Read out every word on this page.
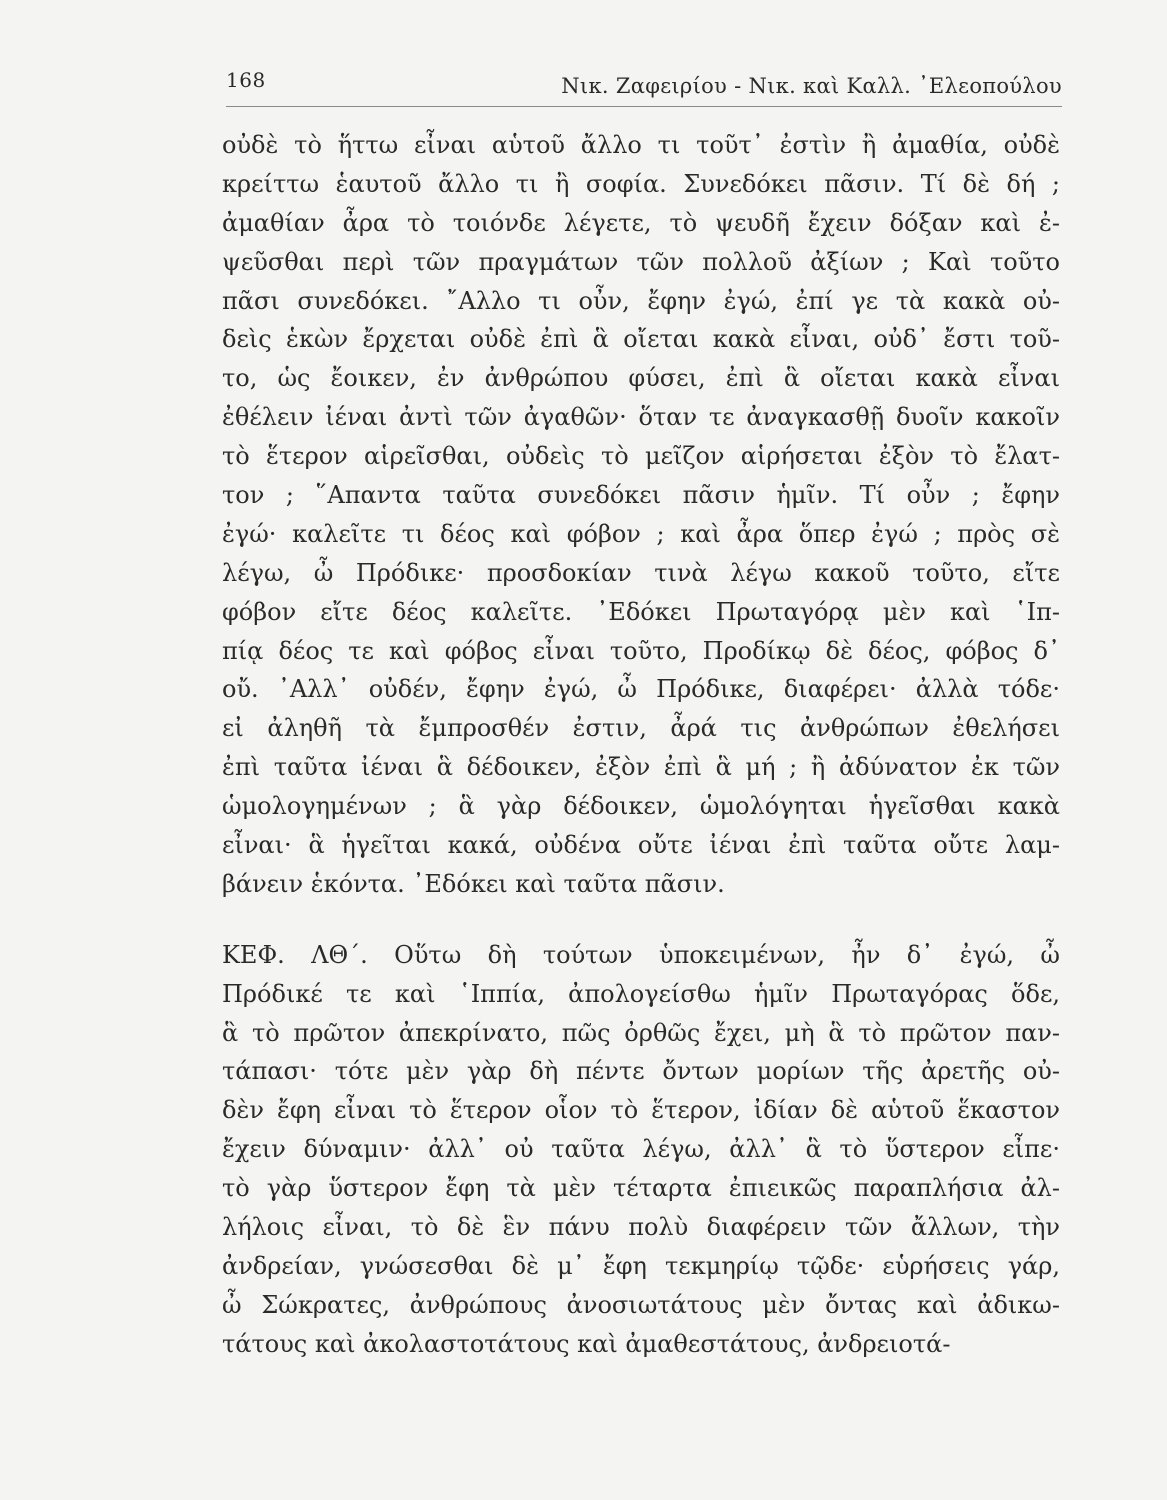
168	Νικ. Ζαφειρίου - Νικ. καὶ Καλλ. ᾿Ελεοπούλου
οὐδὲ τὸ ἥττω εἶναι αὑτοῦ ἄλλο τι τοῦτ᾿ ἐστὶν ἢ ἀμαθία, οὐδὲ
κρείττω ἑαυτοῦ ἄλλο τι ἢ σοφία. Συνεδόκει πᾶσιν. Τί δὲ δή ;
ἀμαθίαν ἆρα τὸ τοιόνδε λέγετε, τὸ ψευδῆ ἔχειν δόξαν καὶ ἐ-
ψεῦσθαι περὶ τῶν πραγμάτων τῶν πολλοῦ ἀξίων ; Καὶ τοῦτο
πᾶσι συνεδόκει. ῎Αλλο τι οὖν, ἔφην ἐγώ, ἐπί γε τὰ κακὰ οὐ-
δεὶς ἑκὼν ἔρχεται οὐδὲ ἐπὶ ἃ οἴεται κακὰ εἶναι, οὐδ᾿ ἔστι τοῦ-
το, ὡς ἔοικεν, ἐν ἀνθρώπου φύσει, ἐπὶ ἃ οἴεται κακὰ εἶναι
ἐθέλειν ἰέναι ἀντὶ τῶν ἀγαθῶν· ὅταν τε ἀναγκασθῇ δυοῖν κακοῖν
τὸ ἕτερον αἱρεῖσθαι, οὐδεὶς τὸ μεῖζον αἱρήσεται ἐξὸν τὸ ἔλατ-
τον ; ῞Απαντα ταῦτα συνεδόκει πᾶσιν ἡμῖν. Τί οὖν ; ἔφην
ἐγώ· καλεῖτε τι δέος καὶ φόβον ; καὶ ἆρα ὅπερ ἐγώ ; πρὸς σὲ
λέγω, ὦ Πρόδικε· προσδοκίαν τινὰ λέγω κακοῦ τοῦτο, εἴτε
φόβον εἴτε δέος καλεῖτε. ᾿Εδόκει Πρωταγόρᾳ μὲν καὶ ῾Ιπ-
πίᾳ δέος τε καὶ φόβος εἶναι τοῦτο, Προδίκῳ δὲ δέος, φόβος δ᾿
οὔ. ᾿Αλλ᾿ οὐδέν, ἔφην ἐγώ, ὦ Πρόδικε, διαφέρει· ἀλλὰ τόδε·
εἰ ἀληθῆ τὰ ἔμπροσθέν ἐστιν, ἆρά τις ἀνθρώπων ἐθελήσει
ἐπὶ ταῦτα ἰέναι ἃ δέδοικεν, ἐξὸν ἐπὶ ἃ μή ; ἢ ἀδύνατον ἐκ τῶν
ὡμολογημένων ; ἃ γὰρ δέδοικεν, ὡμολόγηται ἡγεῖσθαι κακὰ
εἶναι· ἃ ἡγεῖται κακά, οὐδένα οὔτε ἰέναι ἐπὶ ταῦτα οὔτε λαμ-
βάνειν ἑκόντα. ᾿Εδόκει καὶ ταῦτα πᾶσιν.
ΚΕΦ. ΛΘ΄. Οὕτω δὴ τούτων ὑποκειμένων, ἦν δ᾿ ἐγώ, ὦ
Πρόδικέ τε καὶ ῾Ιππία, ἀπολογείσθω ἡμῖν Πρωταγόρας ὅδε,
ἃ τὸ πρῶτον ἀπεκρίνατο, πῶς ὀρθῶς ἔχει, μὴ ἃ τὸ πρῶτον παν-
τάπασι· τότε μὲν γὰρ δὴ πέντε ὄντων μορίων τῆς ἀρετῆς οὐ-
δὲν ἔφη εἶναι τὸ ἕτερον οἷον τὸ ἕτερον, ἰδίαν δὲ αὑτοῦ ἕκαστον
ἔχειν δύναμιν· ἀλλ᾿ οὐ ταῦτα λέγω, ἀλλ᾿ ἃ τὸ ὕστερον εἶπε·
τὸ γὰρ ὕστερον ἔφη τὰ μὲν τέταρτα ἐπιεικῶς παραπλήσια ἀλ-
λήλοις εἶναι, τὸ δὲ ἓν πάνυ πολὺ διαφέρειν τῶν ἄλλων, τὴν
ἀνδρείαν, γνώσεσθαι δὲ μ᾿ ἔφη τεκμηρίῳ τῷδε· εὑρήσεις γάρ,
ὦ Σώκρατες, ἀνθρώπους ἀνοσιωτάτους μὲν ὄντας καὶ ἀδικω-
τάτους καὶ ἀκολαστοτάτους καὶ ἀμαθεστάτους, ἀνδρειοτά-
